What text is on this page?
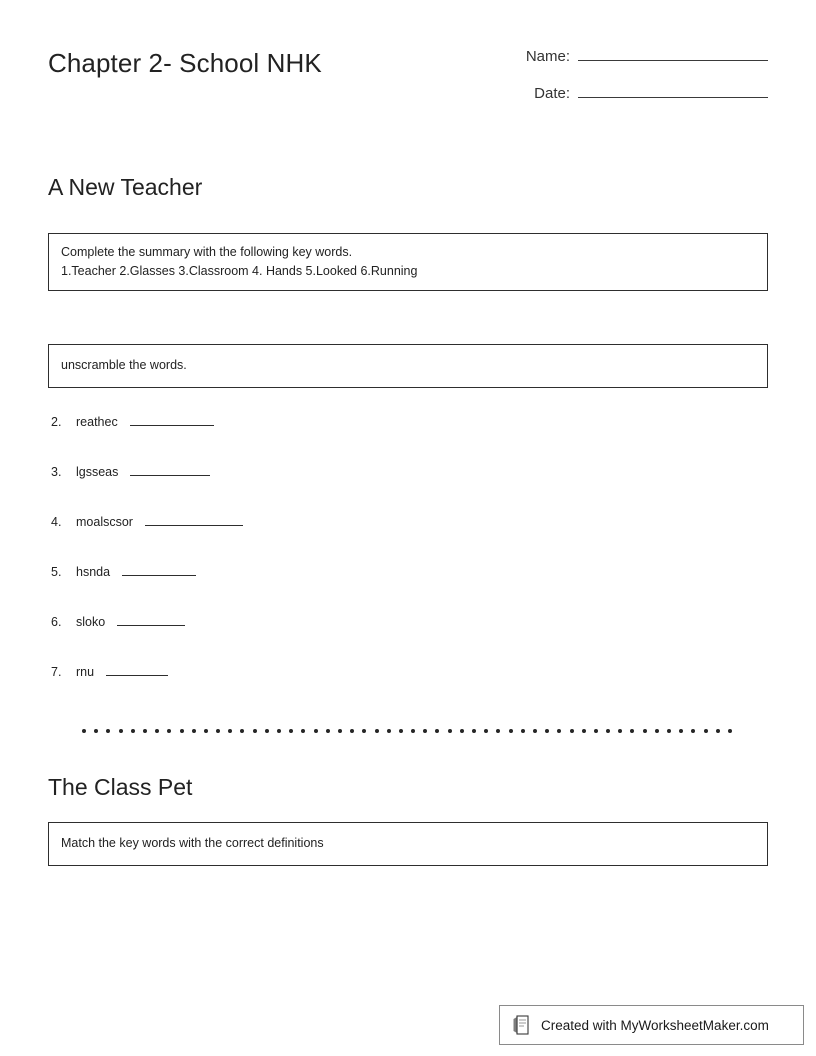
Chapter 2- School NHK	Name:
Date:
A New Teacher
Complete the summary with the following key words.
1.Teacher 2.Glasses 3.Classroom 4. Hands 5.Looked 6.Running
unscramble the words.
2.	reathec
3.	lgsseas
4.	moalscsor
5.	hsnda
6.	sloko
7.	rnu
The Class Pet
Match the key words with the correct definitions
Created with MyWorksheetMaker.com
